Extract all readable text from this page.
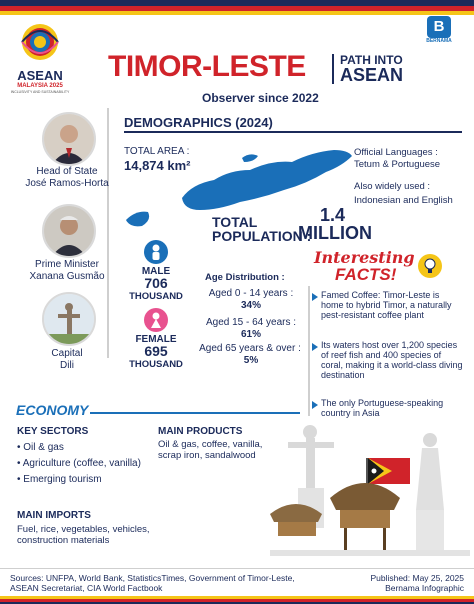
ASEAN
MALAYSIA 2025
INCLUSIVITY AND SUSTAINABILITY
B
BERNAMA
TIMOR-LESTE	PATH INTO
ASEAN
Observer since 2022
Head of State
José Ramos-Horta
Prime Minister
Xanana Gusmão
Capital
Dili
DEMOGRAPHICS (2024)
TOTAL AREA :
14,874 km²
Official Languages :
Tetum & Portuguese
Also widely used :
Indonesian and English
TOTAL
POPULATION :
1.4
MILLION
MALE
706
THOUSAND
FEMALE
695
THOUSAND
Age Distribution :
Aged 0 - 14 years :
34%
Aged 15 - 64 years :
61%
Aged 65 years & over :
5%
Interesting
FACTS!
Famed Coffee: Timor-Leste is home to hybrid Timor, a naturally pest-resistant coffee plant
Its waters host over 1,200 species of reef fish and 400 species of coral, making it a world-class diving destination
The only Portuguese-speaking country in Asia
ECONOMY
KEY SECTORS
• Oil & gas
• Agriculture (coffee, vanilla)
• Emerging tourism
MAIN PRODUCTS
Oil & gas, coffee, vanilla, scrap iron, sandalwood
MAIN IMPORTS
Fuel, rice, vegetables, vehicles, construction materials
Sources: UNFPA, World Bank, StatisticsTimes, Government of Timor-Leste, ASEAN Secretariat, CIA World Factbook
Published: May 25, 2025
Bernama Infographic
